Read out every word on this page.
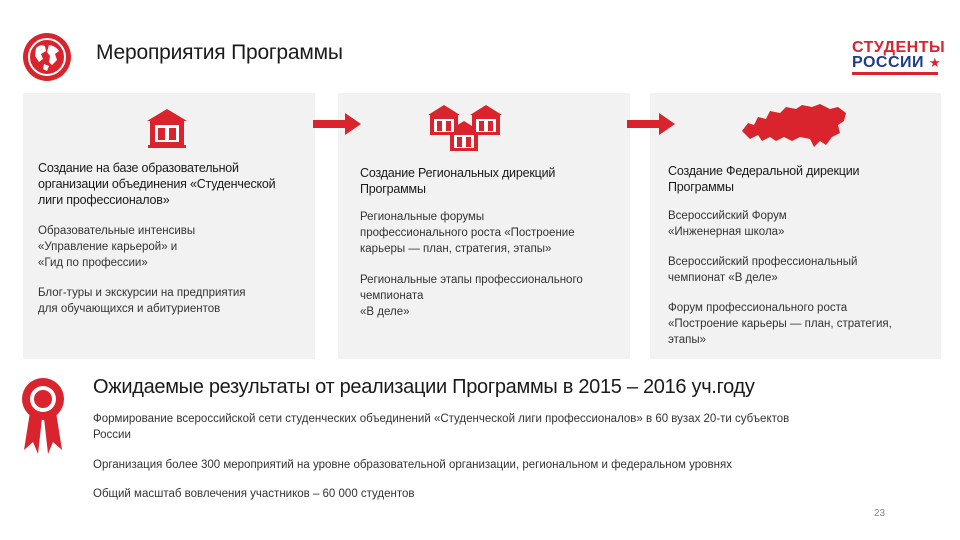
Мероприятия Программы	СТУДЕНТЫ
РОССИИ ★
Создание на базе образовательной
организации объединения «Студенческой
лиги профессионалов»
Образовательные интенсивы
«Управление карьерой» и
«Гид по профессии»
Блог-туры и экскурсии на предприятия
для обучающихся и абитуриентов
Создание Региональных дирекций
Программы
Региональные форумы
профессионального роста «Построение
карьеры — план, стратегия, этапы»
Региональные этапы профессионального
чемпионата
«В деле»
Создание Федеральной дирекции
Программы
Всероссийский Форум
«Инженерная школа»
Всероссийский профессиональный
чемпионат «В деле»
Форум профессионального роста
«Построение карьеры — план, стратегия,
этапы»
Ожидаемые результаты от реализации Программы в 2015 – 2016 уч.году
Формирование всероссийской сети студенческих объединений «Студенческой лиги профессионалов» в 60 вузах 20-ти субъектов
России
Организация более 300 мероприятий на уровне образовательной организации, региональном и федеральном уровнях
Общий масштаб вовлечения участников – 60 000 студентов
23
